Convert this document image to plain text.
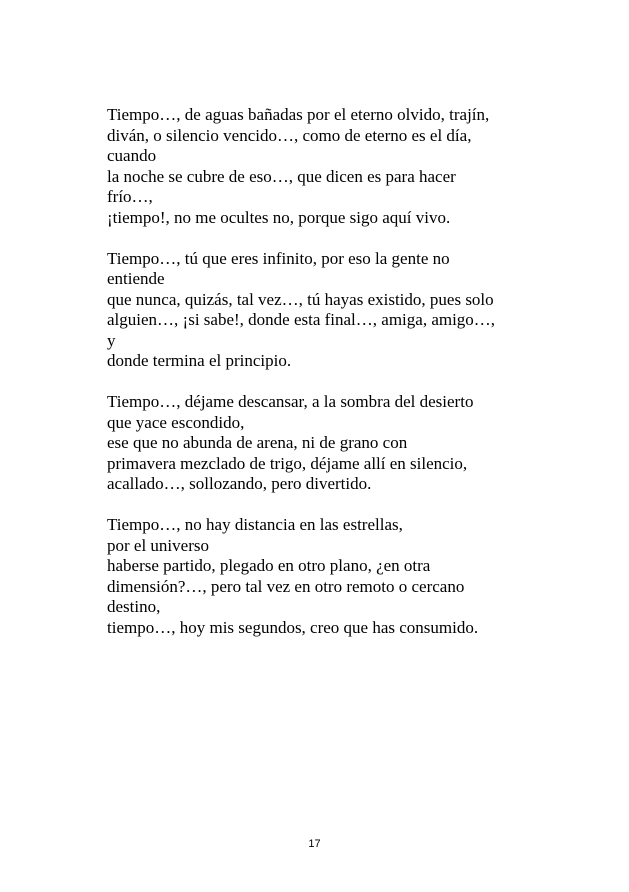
Tiempo…, de aguas bañadas por el eterno olvido, trajín,
diván, o silencio vencido…, como de eterno es el día,
cuando
la noche se cubre de eso…, que dicen es para hacer
frío…,
¡tiempo!, no me ocultes no, porque sigo aquí vivo.
Tiempo…, tú que eres infinito, por eso la gente no
entiende
que nunca, quizás, tal vez…, tú hayas existido, pues solo
alguien…, ¡si sabe!, donde esta final…, amiga, amigo…,
y
donde termina el principio.
Tiempo…, déjame descansar, a la sombra del desierto
que yace escondido,
ese que no abunda de arena, ni de grano con
primavera mezclado de trigo, déjame allí en silencio,
acallado…, sollozando, pero divertido.
Tiempo…, no hay distancia en las estrellas,
por el universo
haberse partido, plegado en otro plano, ¿en otra
dimensión?…, pero tal vez en otro remoto o cercano
destino,
tiempo…, hoy mis segundos, creo que has consumido.
17
